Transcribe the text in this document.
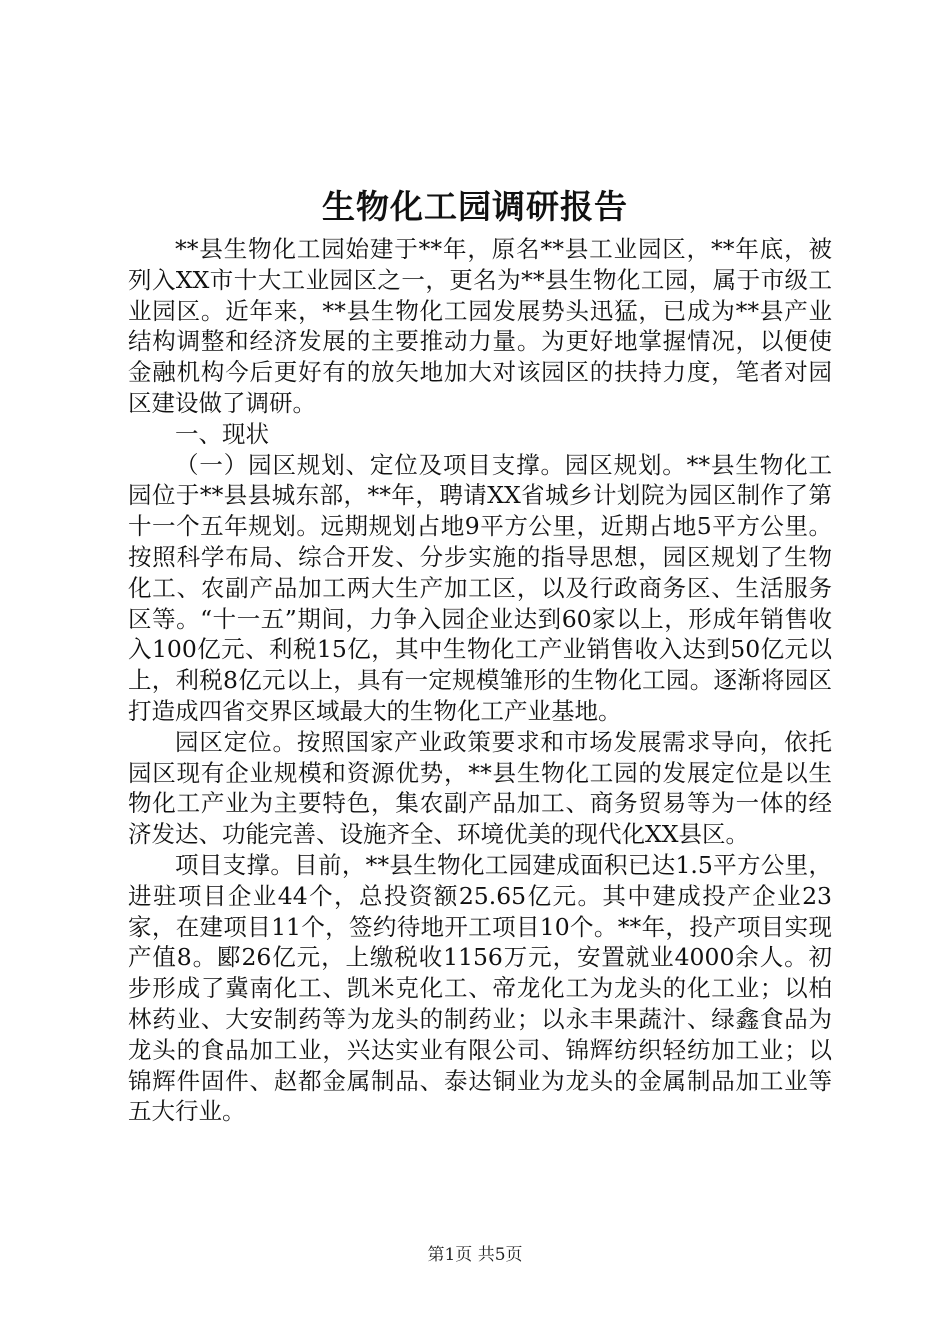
生物化工园调研报告

**县生物化工园始建于**年，原名**县工业园区，**年底，被列入XX市十大工业园区之一，更名为**县生物化工园，属于市级工业园区。近年来，**县生物化工园发展势头迅猛，已成为**县产业结构调整和经济发展的主要推动力量。为更好地掌握情况，以便使金融机构今后更好有的放矢地加大对该园区的扶持力度，笔者对园区建设做了调研。

一、现状

（一）园区规划、定位及项目支撑。园区规划。**县生物化工园位于**县县城东部，**年，聘请XX省城乡计划院为园区制作了第十一个五年规划。远期规划占地9平方公里，近期占地5平方公里。按照科学布局、综合开发、分步实施的指导思想，园区规划了生物化工、农副产品加工两大生产加工区，以及行政商务区、生活服务区等。“十一五”期间，力争入园企业达到60家以上，形成年销售收入100亿元、利税15亿，其中生物化工产业销售收入达到50亿元以上，利税8亿元以上，具有一定规模雏形的生物化工园。逐渐将园区打造成四省交界区域最大的生物化工产业基地。

园区定位。按照国家产业政策要求和市场发展需求导向，依托园区现有企业规模和资源优势，**县生物化工园的发展定位是以生物化工产业为主要特色，集农副产品加工、商务贸易等为一体的经济发达、功能完善、设施齐全、环境优美的现代化XX县区。

项目支撑。目前，**县生物化工园建成面积已达1.5平方公里，进驻项目企业44个，总投资额25.65亿元。其中建成投产企业23家，在建项目11个，签约待地开工项目10个。**年，投产项目实现产值8。郾26亿元，上缴税收1156万元，安置就业4000余人。初步形成了冀南化工、凯米克化工、帝龙化工为龙头的化工业；以柏林药业、大安制药等为龙头的制药业；以永丰果蔬汁、绿鑫食品为龙头的食品加工业，兴达实业有限公司、锦辉纺织轻纺加工业；以锦辉件固件、赵都金属制品、泰达铜业为龙头的金属制品加工业等五大行业。

第1页 共5页
